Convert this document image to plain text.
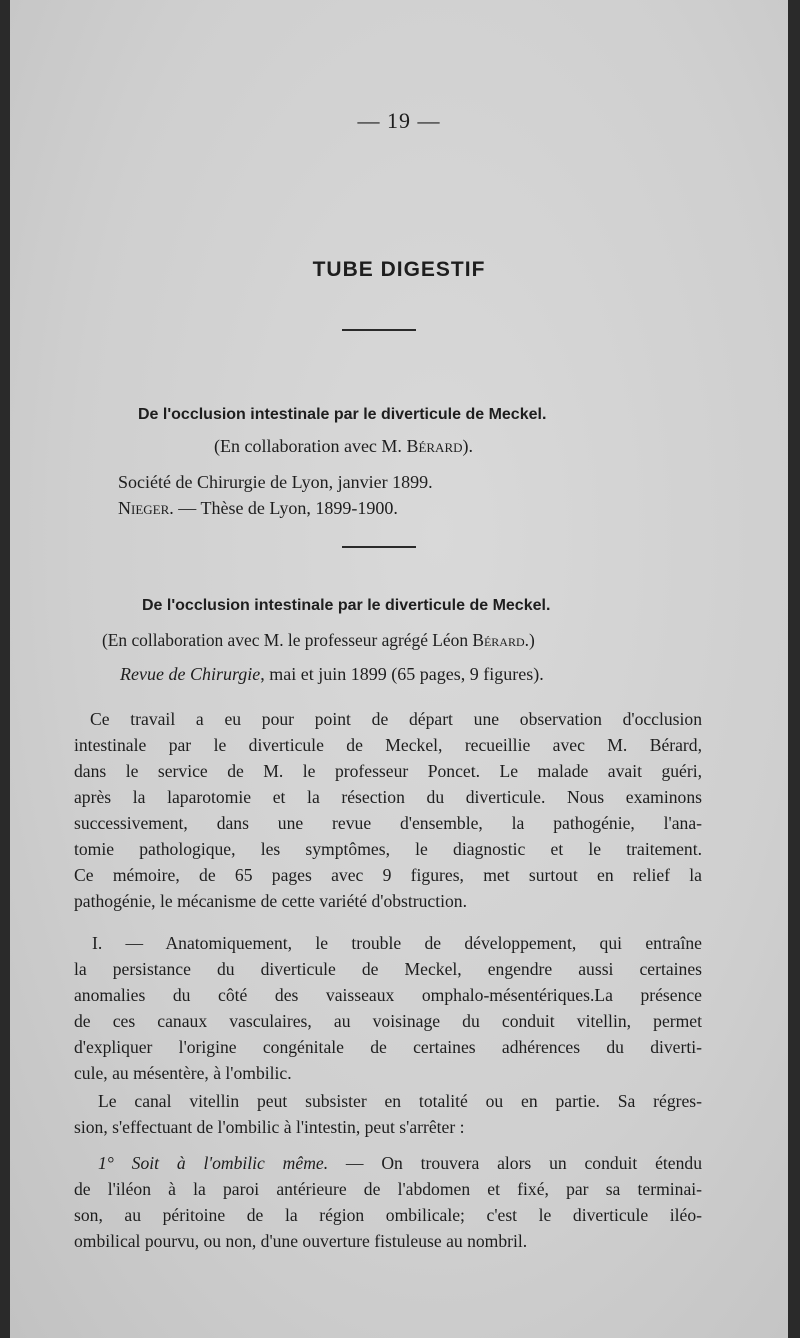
— 19 —
TUBE DIGESTIF
De l'occlusion intestinale par le diverticule de Meckel.
(En collaboration avec M. Bérard).
Société de Chirurgie de Lyon, janvier 1899.
Nieger. — Thèse de Lyon, 1899-1900.
De l'occlusion intestinale par le diverticule de Meckel.
(En collaboration avec M. le professeur agrégé Léon Bérard.)
Revue de Chirurgie, mai et juin 1899 (65 pages, 9 figures).
Ce travail a eu pour point de départ une observation d'occlusion
intestinale par le diverticule de Meckel, recueillie avec M. Bérard,
dans le service de M. le professeur Poncet. Le malade avait guéri,
après la laparotomie et la résection du diverticule. Nous examinons
successivement, dans une revue d'ensemble, la pathogénie, l'ana-
tomie pathologique, les symptômes, le diagnostic et le traitement.
Ce mémoire, de 65 pages avec 9 figures, met surtout en relief la
pathogénie, le mécanisme de cette variété d'obstruction.
I. — Anatomiquement, le trouble de développement, qui entraîne
la persistance du diverticule de Meckel, engendre aussi certaines
anomalies du côté des vaisseaux omphalo-mésentériques.La présence
de ces canaux vasculaires, au voisinage du conduit vitellin, permet
d'expliquer l'origine congénitale de certaines adhérences du diverti-
cule, au mésentère, à l'ombilic.
Le canal vitellin peut subsister en totalité ou en partie. Sa régres-
sion, s'effectuant de l'ombilic à l'intestin, peut s'arrêter :
1° Soit à l'ombilic même. — On trouvera alors un conduit étendu
de l'iléon à la paroi antérieure de l'abdomen et fixé, par sa terminai-
son, au péritoine de la région ombilicale; c'est le diverticule iléo-
ombilical pourvu, ou non, d'une ouverture fistuleuse au nombril.
